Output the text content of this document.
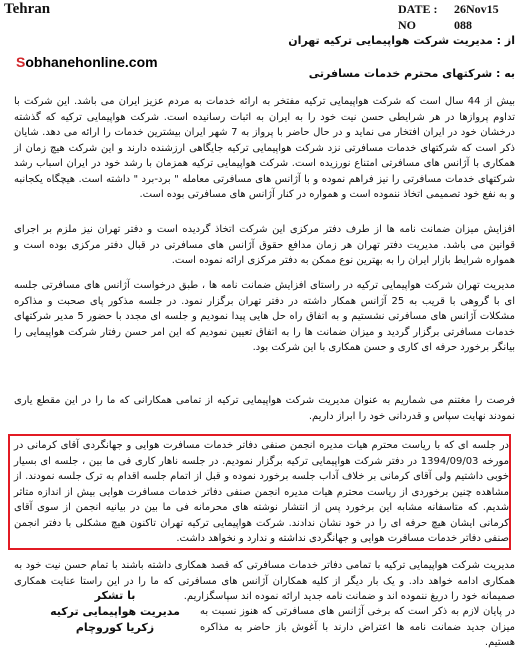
Tehran	DATE :	26Nov15
NO	088
از : مدیریت شرکت هواپیمایی ترکیه تهران
Sobhanehonline.com
به : شرکتهای محترم خدمات مسافرتی
بیش از 44 سال است که شرکت هواپیمایی ترکیه مفتخر به ارائه خدمات به مردم عزیز ایران می باشد. این شرکت با تداوم پروازها در هر شرایطی حسن نیت خود را به ایران به اثبات رسانیده است. شرکت هواپیمایی ترکیه که گذشته درخشان خود در ایران افتخار می نماید و در حال حاضر با پرواز به 7 شهر ایران بیشترین خدمات را ارائه می دهد. شایان ذکر است که شرکتهای خدمات مسافرتی نزد شرکت هواپیمایی ترکیه جایگاهی ارزشنده دارند و این شرکت هیچ زمان از همکاری با آژانس های مسافرتی امتناع نورزیده است. شرکت هواپیمایی ترکیه همزمان با رشد خود در ایران اسباب رشد شرکتهای خدمات مسافرتی را نیز فراهم نموده و با آژانس های مسافرتی معامله " برد-برد " داشته است. هیچگاه یکجانبه و به نفع خود تصمیمی اتخاذ ننموده است و همواره در کنار آژانس های مسافرتی بوده است.
افزایش میزان ضمانت نامه ها از طرف دفتر مرکزی این شرکت اتخاذ گردیده است و دفتر تهران نیز ملزم بر اجرای قوانین می باشد. مدیریت دفتر تهران هر زمان مدافع حقوق آژانس های مسافرتی در قبال دفتر مرکزی بوده است و همواره شرایط بازار ایران را به بهترین نوع ممکن به دفتر مرکزی ارائه نموده است.
مدیریت تهران شرکت هواپیمایی ترکیه در راستای افزایش ضمانت نامه ها ، طبق درخواست آژانس های مسافرتی جلسه ای با گروهی با قریب به 25 آژانس همکار داشته در دفتر تهران برگزار نمود. در جلسه مذکور پای صحبت و مذاکره مشکلات آژانس های مسافرتی نشستیم و به اتفاق راه حل هایی پیدا نمودیم و جلسه ای مجدد با حضور 5 مدیر شرکتهای خدمات مسافرتی برگزار گردید و میزان ضمانت ها را به اتفاق تعیین نمودیم که این امر حسن رفتار شرکت هواپیمایی را بیانگر برخورد حرفه ای کاری و حسن همکاری با این شرکت بود.
فرصت را مغتنم می شماریم به عنوان مدیریت شرکت هواپیمایی ترکیه از تمامی همکارانی که ما را در این مقطع یاری نمودند نهایت سپاس و قدردانی خود را ابراز داریم.
در جلسه ای که با ریاست محترم هیات مدیره انجمن صنفی دفاتر خدمات مسافرت هوایی و جهانگردی آقای کرمانی در مورخه 1394/09/03 در دفتر شرکت هواپیمایی ترکیه برگزار نمودیم. در جلسه ناهار کاری فی ما بین ، جلسه ای بسیار خوبی داشتیم ولی آقای کرمانی بر خلاف آداب جلسه برخورد نموده و قبل از اتمام جلسه اقدام به ترک جلسه نمودند. از مشاهده چنین برخوردی از ریاست محترم هیات مدیره انجمن صنفی دفاتر خدمات مسافرت هوایی بیش از اندازه متاثر شدیم. که متاسفانه مشابه این برخورد پس از انتشار نوشته های محرمانه فی ما بین در بیانیه انجمن از سوی آقای کرمانی ایشان هیچ حرفه ای را در خود نشان ندادند. شرکت هواپیمایی ترکیه تهران تاکنون هیچ مشکلی با دفتر انجمن صنفی دفاتر خدمات مسافرت هوایی و جهانگردی نداشته و ندارد و نخواهد داشت.
مدیریت شرکت هواپیمایی ترکیه با تمامی دفاتر خدمات مسافرتی که قصد همکاری داشته باشند با تمام حسن نیت خود به همکاری ادامه خواهد داد. و یک بار دیگر از کلیه همکاران آژانس های مسافرتی که ما را در این راستا عنایت همکاری صمیمانه خود را دریغ ننموده اند و ضمانت نامه جدید ارائه نموده اند سپاسگزاریم.
با تشکر
مدیریت هواپیمایی ترکیه
زکریا کوروچام
در پایان لازم به ذکر است که برخی آژانس های مسافرتی که هنوز نسبت به میزان جدید ضمانت نامه ها اعتراض دارند با آغوش باز حاضر به مذاکره هستیم.
